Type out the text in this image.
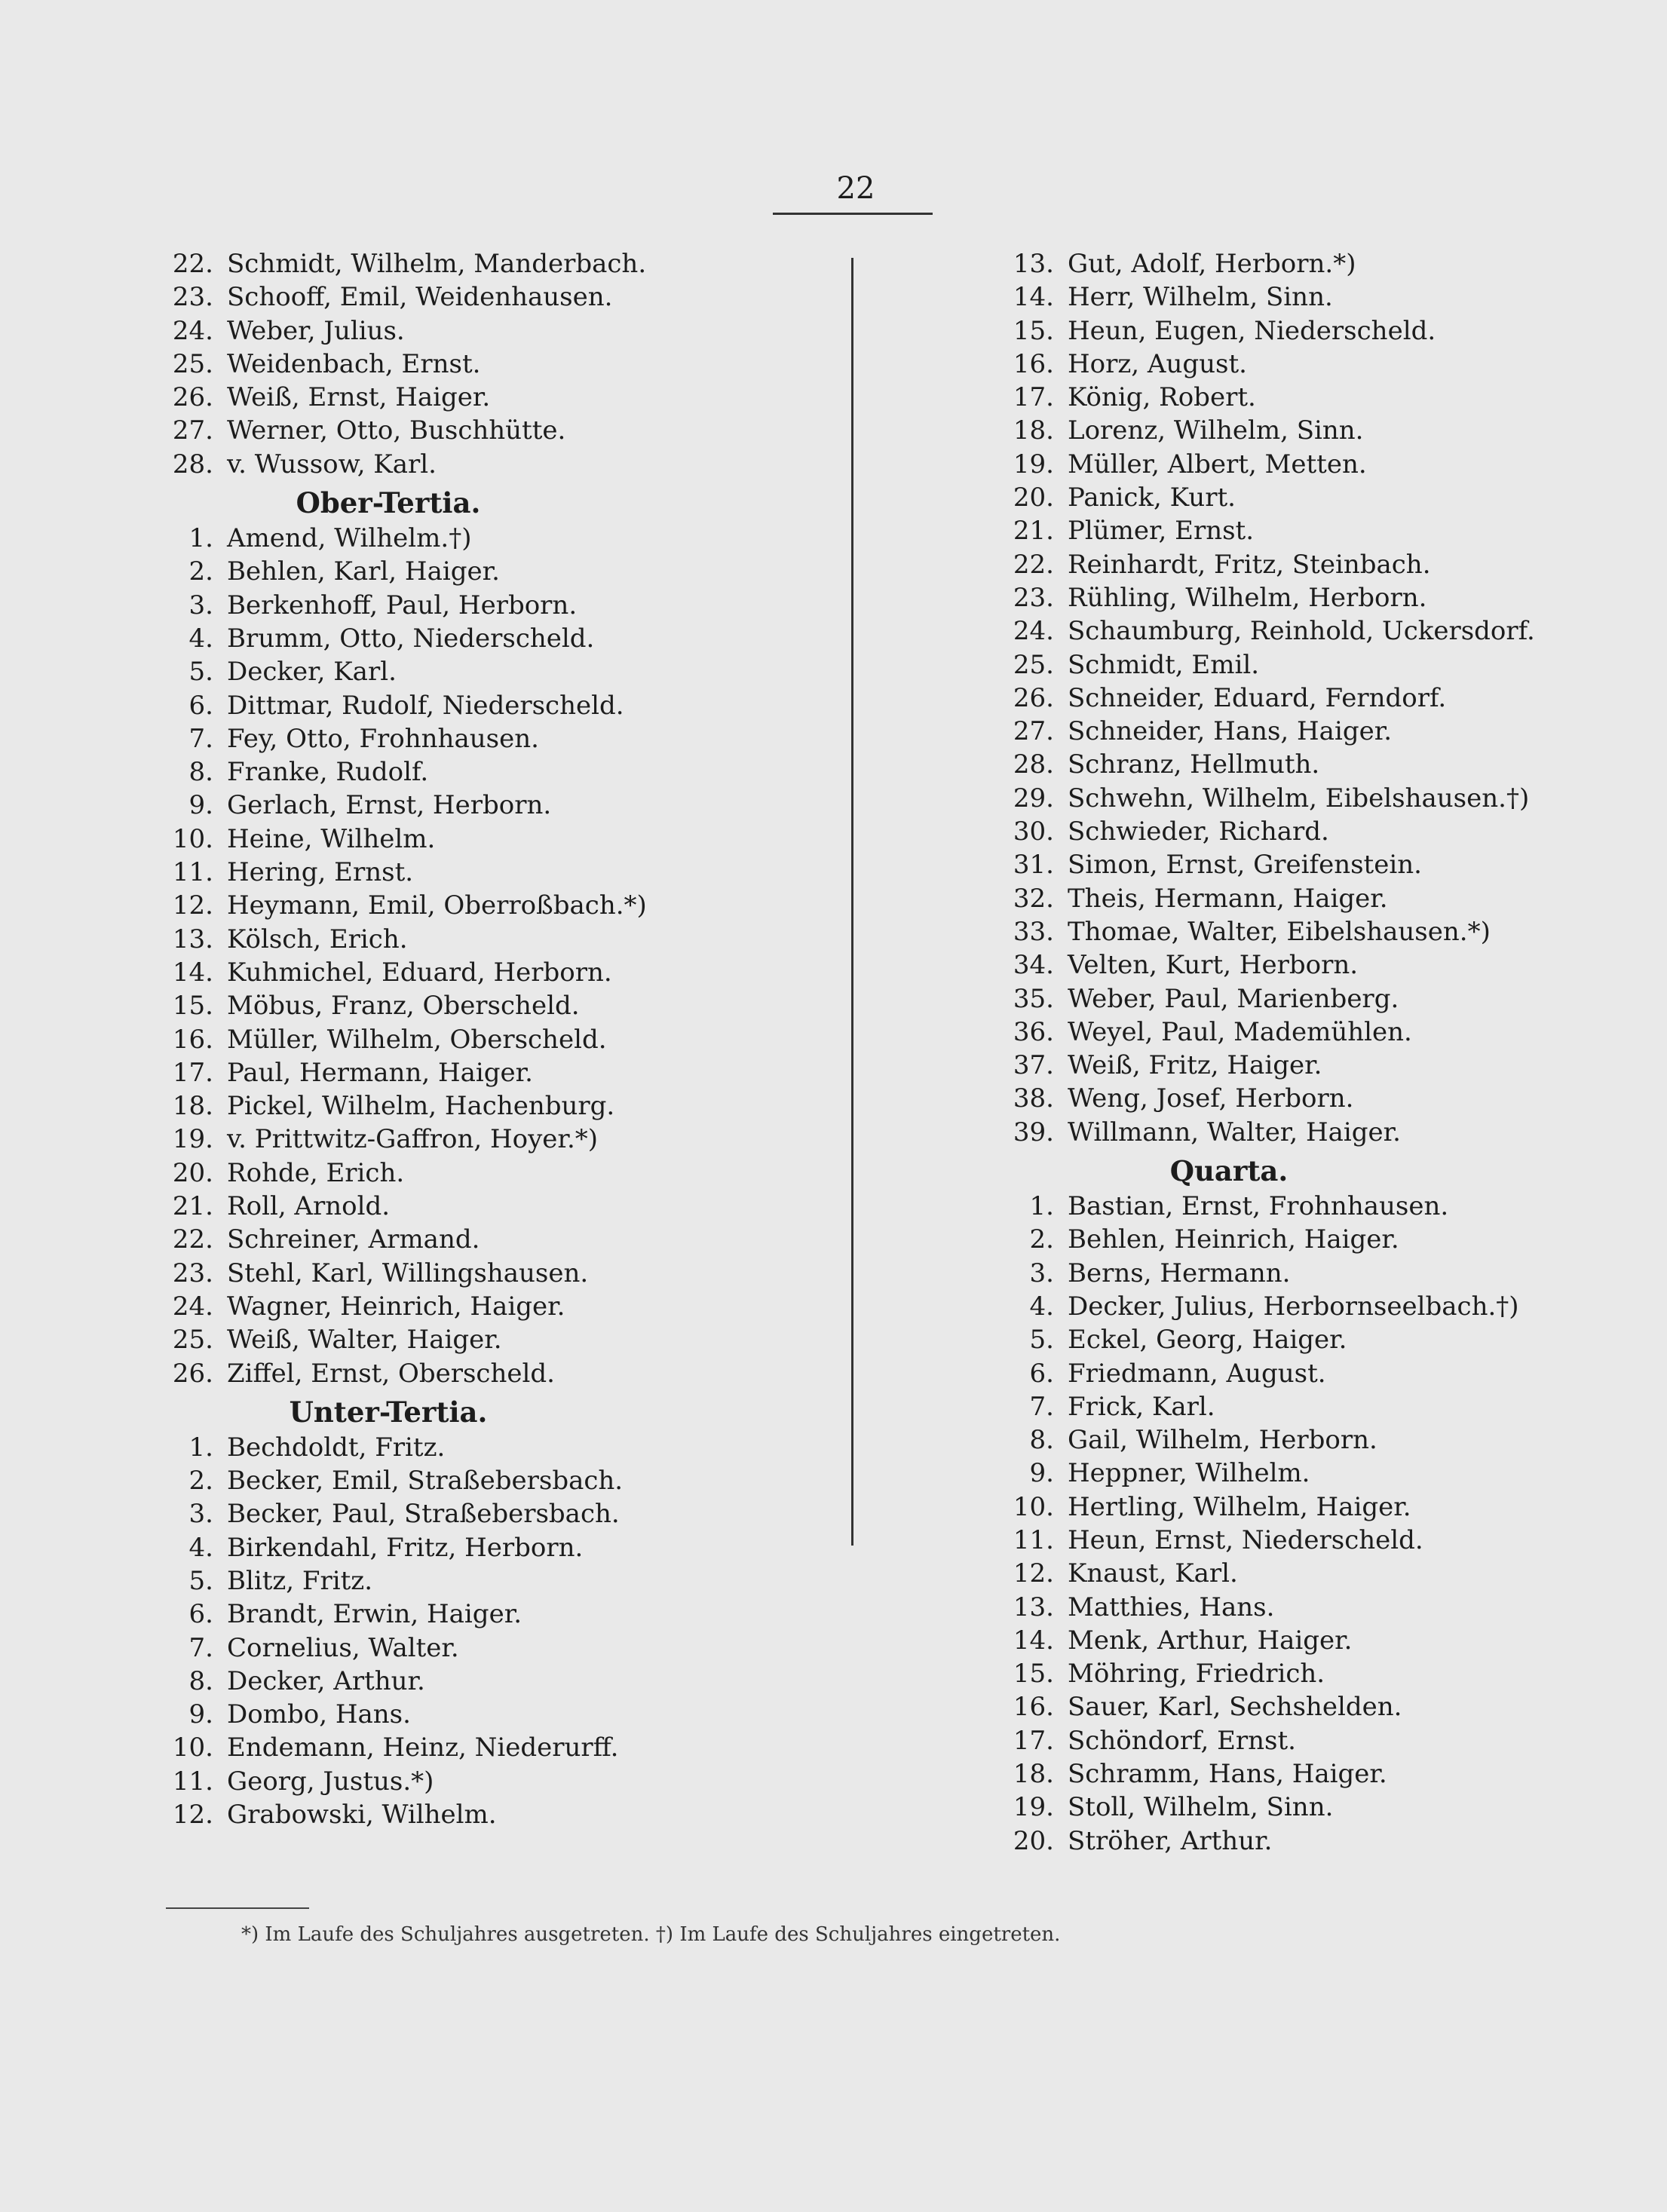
22
22. Schmidt, Wilhelm, Manderbach.
23. Schooff, Emil, Weidenhausen.
24. Weber, Julius.
25. Weidenbach, Ernst.
26. Weiß, Ernst, Haiger.
27. Werner, Otto, Buschhütte.
28. v. Wussow, Karl.
Ober-Tertia.
1. Amend, Wilhelm.†)
2. Behlen, Karl, Haiger.
3. Berkenhoff, Paul, Herborn.
4. Brumm, Otto, Niederscheld.
5. Decker, Karl.
6. Dittmar, Rudolf, Niederscheld.
7. Fey, Otto, Frohnhausen.
8. Franke, Rudolf.
9. Gerlach, Ernst, Herborn.
10. Heine, Wilhelm.
11. Hering, Ernst.
12. Heymann, Emil, Oberroßbach.*)
13. Kölsch, Erich.
14. Kuhmichel, Eduard, Herborn.
15. Möbus, Franz, Oberscheld.
16. Müller, Wilhelm, Oberscheld.
17. Paul, Hermann, Haiger.
18. Pickel, Wilhelm, Hachenburg.
19. v. Prittwitz-Gaffron, Hoyer.*)
20. Rohde, Erich.
21. Roll, Arnold.
22. Schreiner, Armand.
23. Stehl, Karl, Willingshausen.
24. Wagner, Heinrich, Haiger.
25. Weiß, Walter, Haiger.
26. Ziffel, Ernst, Oberscheld.
Unter-Tertia.
1. Bechdoldt, Fritz.
2. Becker, Emil, Straßebersbach.
3. Becker, Paul, Straßebersbach.
4. Birkendahl, Fritz, Herborn.
5. Blitz, Fritz.
6. Brandt, Erwin, Haiger.
7. Cornelius, Walter.
8. Decker, Arthur.
9. Dombo, Hans.
10. Endemann, Heinz, Niederurff.
11. Georg, Justus.*)
12. Grabowski, Wilhelm.
13. Gut, Adolf, Herborn.*)
14. Herr, Wilhelm, Sinn.
15. Heun, Eugen, Niederscheld.
16. Horz, August.
17. König, Robert.
18. Lorenz, Wilhelm, Sinn.
19. Müller, Albert, Metten.
20. Panick, Kurt.
21. Plümer, Ernst.
22. Reinhardt, Fritz, Steinbach.
23. Rühling, Wilhelm, Herborn.
24. Schaumburg, Reinhold, Uckersdorf.
25. Schmidt, Emil.
26. Schneider, Eduard, Ferndorf.
27. Schneider, Hans, Haiger.
28. Schranz, Hellmuth.
29. Schwehn, Wilhelm, Eibelshausen.†)
30. Schwieder, Richard.
31. Simon, Ernst, Greifenstein.
32. Theis, Hermann, Haiger.
33. Thomae, Walter, Eibelshausen.*)
34. Velten, Kurt, Herborn.
35. Weber, Paul, Marienberg.
36. Weyel, Paul, Mademühlen.
37. Weiß, Fritz, Haiger.
38. Weng, Josef, Herborn.
39. Willmann, Walter, Haiger.
Quarta.
1. Bastian, Ernst, Frohnhausen.
2. Behlen, Heinrich, Haiger.
3. Berns, Hermann.
4. Decker, Julius, Herbornseelbach.†)
5. Eckel, Georg, Haiger.
6. Friedmann, August.
7. Frick, Karl.
8. Gail, Wilhelm, Herborn.
9. Heppner, Wilhelm.
10. Hertling, Wilhelm, Haiger.
11. Heun, Ernst, Niederscheld.
12. Knaust, Karl.
13. Matthies, Hans.
14. Menk, Arthur, Haiger.
15. Möhring, Friedrich.
16. Sauer, Karl, Sechshelden.
17. Schöndorf, Ernst.
18. Schramm, Hans, Haiger.
19. Stoll, Wilhelm, Sinn.
20. Ströher, Arthur.
*) Im Laufe des Schuljahres ausgetreten. †) Im Laufe des Schuljahres eingetreten.
